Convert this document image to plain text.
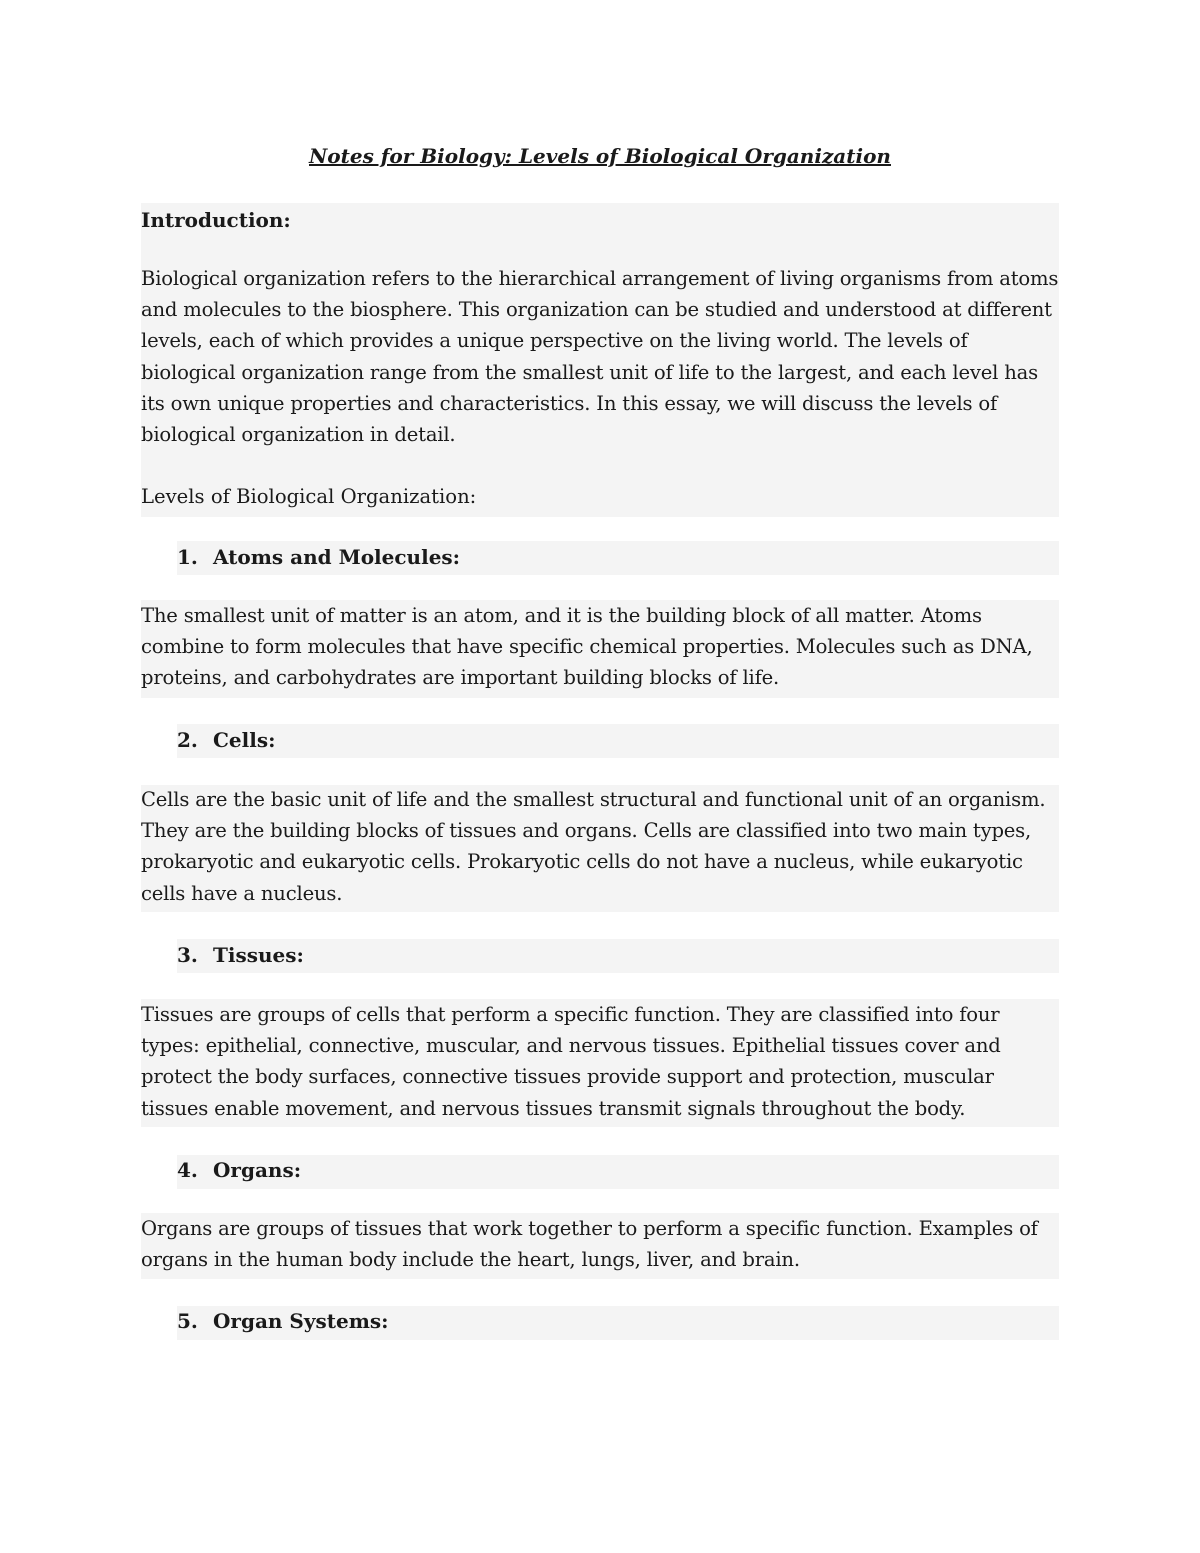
Notes for Biology: Levels of Biological Organization
Introduction:
Biological organization refers to the hierarchical arrangement of living organisms from atoms and molecules to the biosphere. This organization can be studied and understood at different levels, each of which provides a unique perspective on the living world. The levels of biological organization range from the smallest unit of life to the largest, and each level has its own unique properties and characteristics. In this essay, we will discuss the levels of biological organization in detail.
Levels of Biological Organization:
1. Atoms and Molecules:
The smallest unit of matter is an atom, and it is the building block of all matter. Atoms combine to form molecules that have specific chemical properties. Molecules such as DNA, proteins, and carbohydrates are important building blocks of life.
2. Cells:
Cells are the basic unit of life and the smallest structural and functional unit of an organism. They are the building blocks of tissues and organs. Cells are classified into two main types, prokaryotic and eukaryotic cells. Prokaryotic cells do not have a nucleus, while eukaryotic cells have a nucleus.
3. Tissues:
Tissues are groups of cells that perform a specific function. They are classified into four types: epithelial, connective, muscular, and nervous tissues. Epithelial tissues cover and protect the body surfaces, connective tissues provide support and protection, muscular tissues enable movement, and nervous tissues transmit signals throughout the body.
4. Organs:
Organs are groups of tissues that work together to perform a specific function. Examples of organs in the human body include the heart, lungs, liver, and brain.
5. Organ Systems:
